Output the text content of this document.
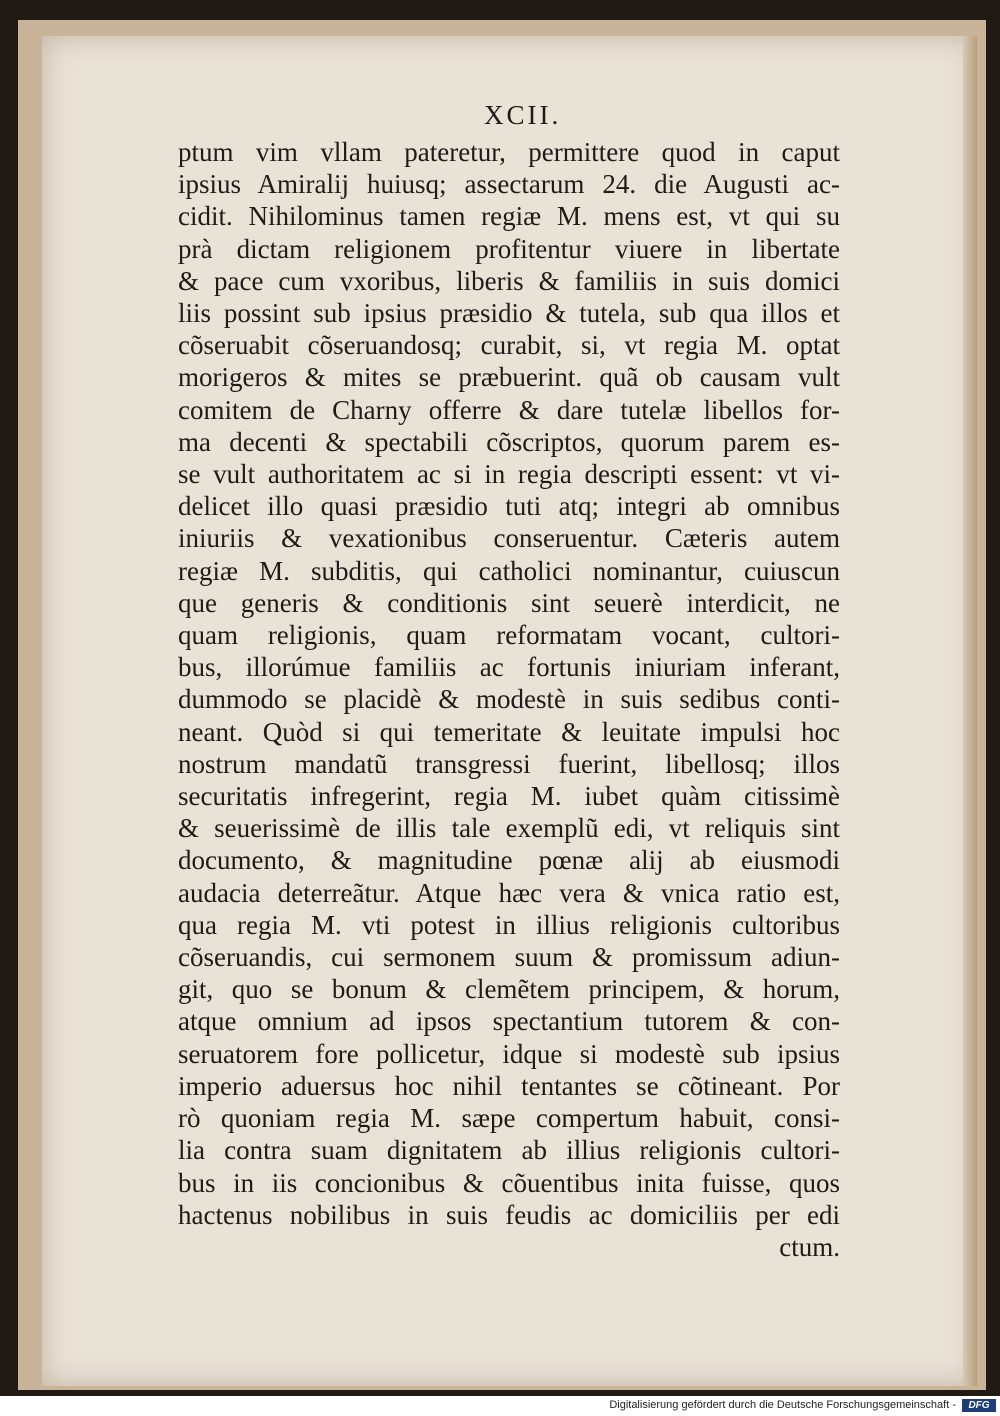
XCII.
ptum vim vllam pateretur, permittere quod in caput
ipsius Amiralij huiusq; assectarum 24. die Augusti ac-
cidit. Nihilominus tamen regiæ M. mens est, vt qui su
prà dictam religionem profitentur viuere in libertate
& pace cum vxoribus, liberis & familiis in suis domici
liis possint sub ipsius præsidio & tutela, sub qua illos et
cõseruabit cõseruandosq; curabit, si, vt regia M. optat
morigeros & mites se præbuerint. quã ob causam vult
comitem de Charny offerre & dare tutelæ libellos for-
ma decenti & spectabili cõscriptos, quorum parem es-
se vult authoritatem ac si in regia descripti essent: vt vi-
delicet illo quasi præsidio tuti atq; integri ab omnibus
iniuriis & vexationibus conseruentur. Cæteris autem
regiæ M. subditis, qui catholici nominantur, cuiuscun
que generis & conditionis sint seuerè interdicit, ne
quam religionis, quam reformatam vocant, cultori-
bus, illorúmue familiis ac fortunis iniuriam inferant,
dummodo se placidè & modestè in suis sedibus conti-
neant. Quòd si qui temeritate & leuitate impulsi hoc
nostrum mandatũ transgressi fuerint, libellosq; illos
securitatis infregerint, regia M. iubet quàm citissimè
& seuerissimè de illis tale exemplũ edi, vt reliquis sint
documento, & magnitudine pœnæ alij ab eiusmodi
audacia deterreãtur. Atque hæc vera & vnica ratio est,
qua regia M. vti potest in illius religionis cultoribus
cõseruandis, cui sermonem suum & promissum adiun-
git, quo se bonum & clemẽtem principem, & horum,
atque omnium ad ipsos spectantium tutorem & con-
seruatorem fore pollicetur, idque si modestè sub ipsius
imperio aduersus hoc nihil tentantes se cõtineant. Por
rò quoniam regia M. sæpe compertum habuit, consi-
lia contra suam dignitatem ab illius religionis cultori-
bus in iis concionibus & cõuentibus inita fuisse, quos
hactenus nobilibus in suis feudis ac domiciliis per edi
ctum.
Digitalisierung gefördert durch die Deutsche Forschungsgemeinschaft -	DFG
